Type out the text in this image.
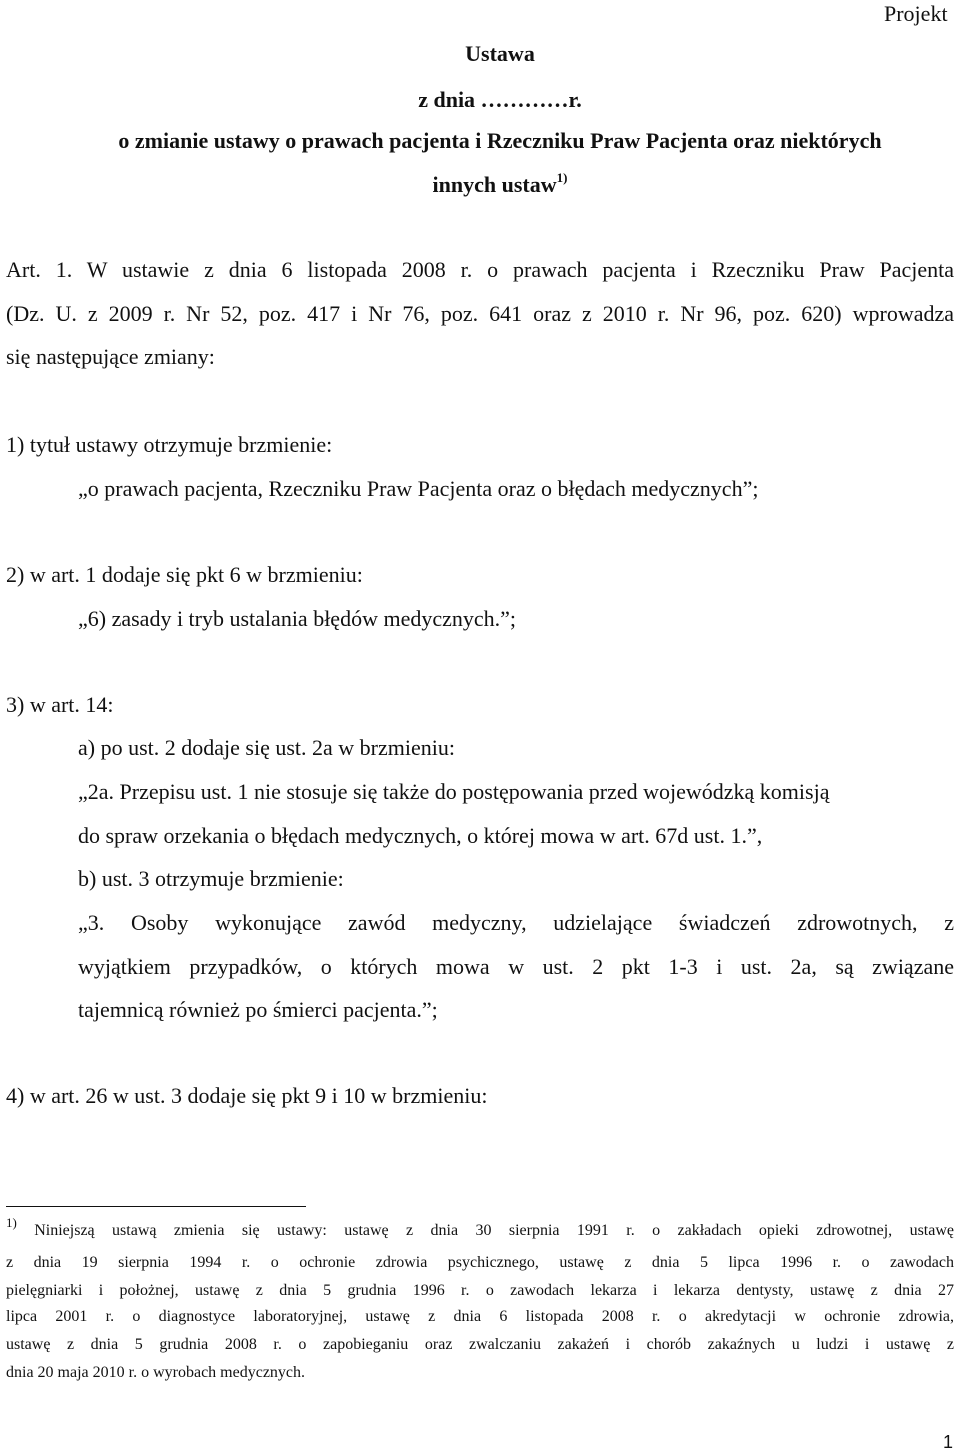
Projekt
Ustawa
z dnia …………r.
o zmianie ustawy o prawach pacjenta i Rzeczniku Praw Pacjenta oraz niektórych
innych ustaw$^{1)}$
Art. 1. W ustawie z dnia 6 listopada 2008 r. o prawach pacjenta i Rzeczniku Praw Pacjenta
(Dz. U. z 2009 r. Nr 52, poz. 417 i Nr 76, poz. 641 oraz z 2010 r. Nr 96, poz. 620) wprowadza
się następujące zmiany:
1) tytuł ustawy otrzymuje brzmienie:
„o prawach pacjenta, Rzeczniku Praw Pacjenta oraz o błędach medycznych”;
2) w art. 1 dodaje się pkt 6 w brzmieniu:
„6) zasady i tryb ustalania błędów medycznych.”;
3) w art. 14:
a) po ust. 2 dodaje się ust. 2a w brzmieniu:
„2a. Przepisu ust. 1 nie stosuje się także do postępowania przed wojewódzką komisją
do spraw orzekania o błędach medycznych, o której mowa w art. 67d ust. 1.”,
b) ust. 3 otrzymuje brzmienie:
„3. Osoby wykonujące zawód medyczny, udzielające świadczeń zdrowotnych, z
wyjątkiem przypadków, o których mowa w ust. 2 pkt 1-3 i ust. 2a, są związane
tajemnicą również po śmierci pacjenta.”;
4) w art. 26 w ust. 3 dodaje się pkt 9 i 10 w brzmieniu:
$^{1)}$ Niniejszą ustawą zmienia się ustawy: ustawę z dnia 30 sierpnia 1991 r. o zakładach opieki zdrowotnej, ustawę
z dnia 19 sierpnia 1994 r. o ochronie zdrowia psychicznego, ustawę z dnia 5 lipca 1996 r. o zawodach
pielęgniarki i położnej, ustawę z dnia 5 grudnia 1996 r. o zawodach lekarza i lekarza dentysty, ustawę z dnia 27
lipca 2001 r. o diagnostyce laboratoryjnej, ustawę z dnia 6 listopada 2008 r. o akredytacji w ochronie zdrowia,
ustawę z dnia 5 grudnia 2008 r. o zapobieganiu oraz zwalczaniu zakażeń i chorób zakaźnych u ludzi i ustawę z
dnia 20 maja 2010 r. o wyrobach medycznych.
1
